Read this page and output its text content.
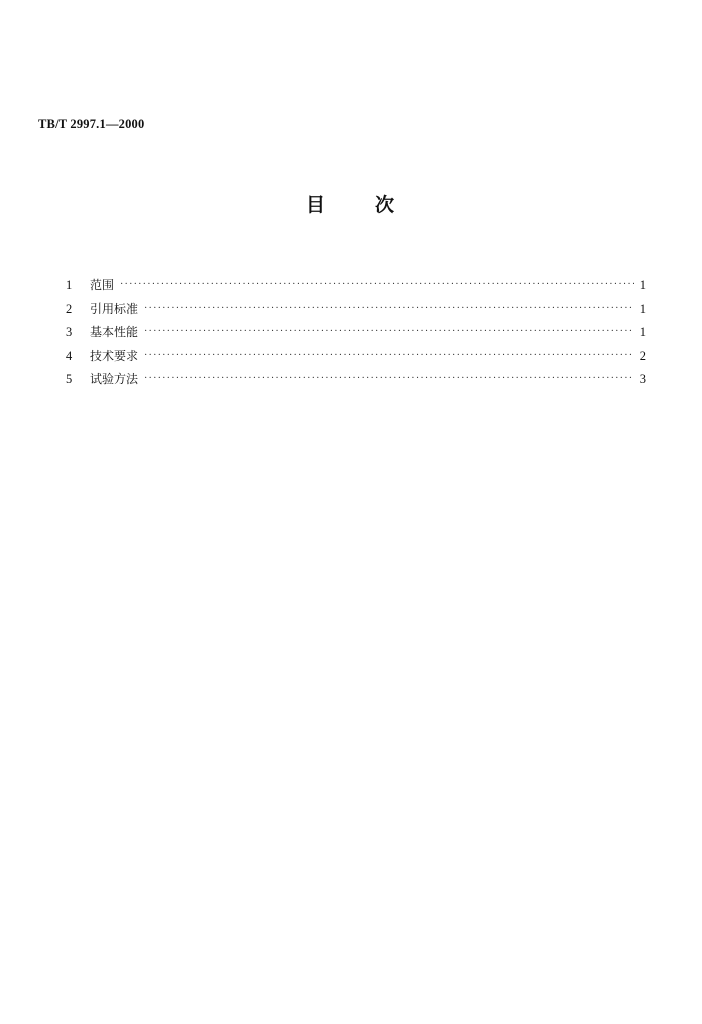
TB/T 2997.1—2000
目	次
1	范围 ·····	1
2	引用标准 ·····	1
3	基本性能 ·····	1
4	技术要求 ·····	2
5	试验方法 ·····	3
